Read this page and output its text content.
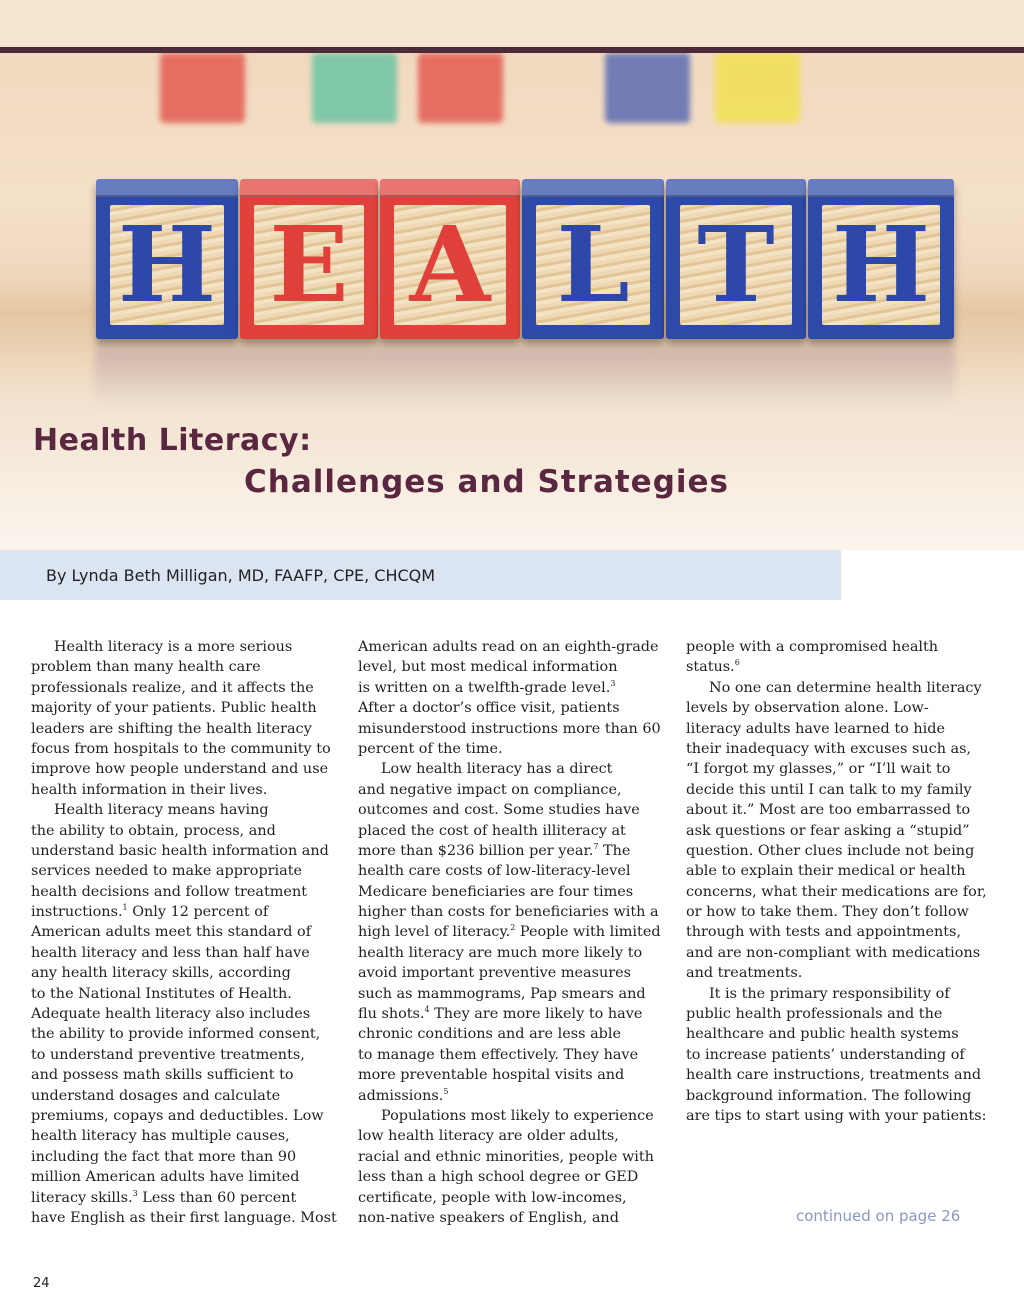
H E A L T H
Health Literacy:
Challenges and Strategies
By Lynda Beth Milligan, MD, FAAFP, CPE, CHCQM
Health literacy is a more serious
problem than many health care
professionals realize, and it affects the
majority of your patients. Public health
leaders are shifting the health literacy
focus from hospitals to the community to
improve how people understand and use
health information in their lives.
Health literacy means having
the ability to obtain, process, and
understand basic health information and
services needed to make appropriate
health decisions and follow treatment
instructions.$^1$ Only 12 percent of
American adults meet this standard of
health literacy and less than half have
any health literacy skills, according
to the National Institutes of Health.
Adequate health literacy also includes
the ability to provide informed consent,
to understand preventive treatments,
and possess math skills sufficient to
understand dosages and calculate
premiums, copays and deductibles. Low
health literacy has multiple causes,
including the fact that more than 90
million American adults have limited
literacy skills.$^3$ Less than 60 percent
have English as their first language. Most
American adults read on an eighth-grade
level, but most medical information
is written on a twelfth-grade level.$^3$
After a doctor’s office visit, patients
misunderstood instructions more than 60
percent of the time.
Low health literacy has a direct
and negative impact on compliance,
outcomes and cost. Some studies have
placed the cost of health illiteracy at
more than $236 billion per year.$^7$ The
health care costs of low-literacy-level
Medicare beneficiaries are four times
higher than costs for beneficiaries with a
high level of literacy.$^2$ People with limited
health literacy are much more likely to
avoid important preventive measures
such as mammograms, Pap smears and
flu shots.$^4$ They are more likely to have
chronic conditions and are less able
to manage them effectively. They have
more preventable hospital visits and
admissions.$^5$
Populations most likely to experience
low health literacy are older adults,
racial and ethnic minorities, people with
less than a high school degree or GED
certificate, people with low-incomes,
non-native speakers of English, and
people with a compromised health
status.$^6$
No one can determine health literacy
levels by observation alone. Low-
literacy adults have learned to hide
their inadequacy with excuses such as,
“I forgot my glasses,” or “I’ll wait to
decide this until I can talk to my family
about it.” Most are too embarrassed to
ask questions or fear asking a “stupid”
question. Other clues include not being
able to explain their medical or health
concerns, what their medications are for,
or how to take them. They don’t follow
through with tests and appointments,
and are non-compliant with medications
and treatments.
It is the primary responsibility of
public health professionals and the
healthcare and public health systems
to increase patients’ understanding of
health care instructions, treatments and
background information. The following
are tips to start using with your patients:
continued on page 26
24
